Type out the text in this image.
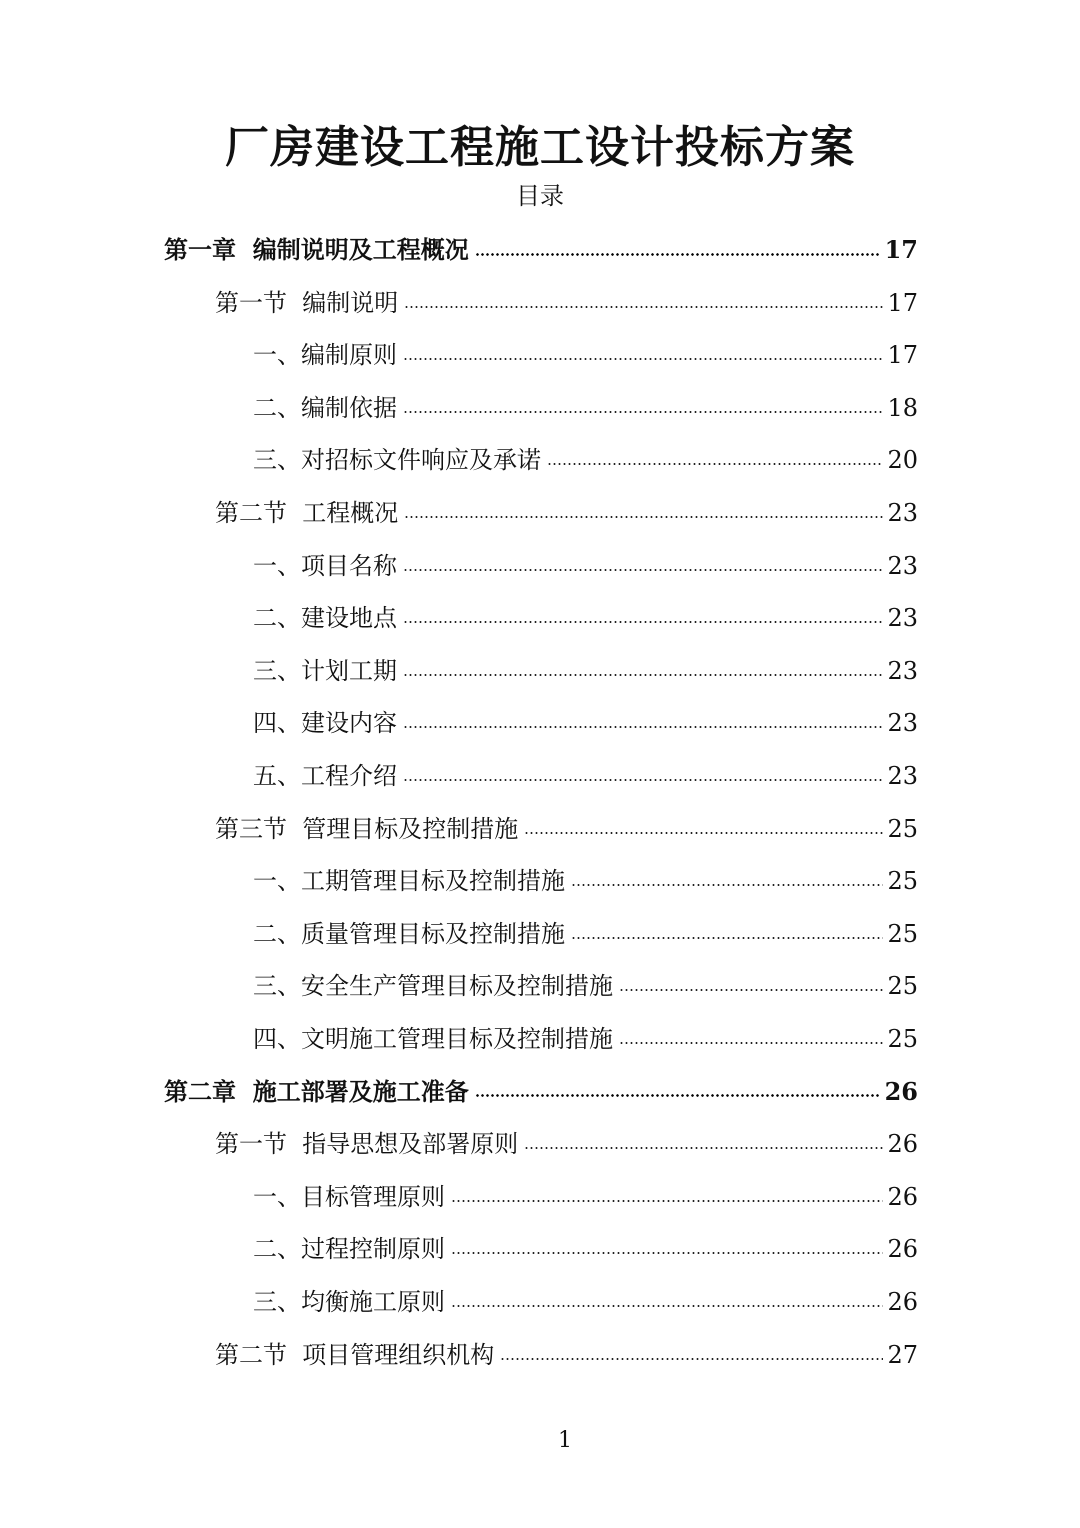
厂房建设工程施工设计投标方案
目录
第一章  编制说明及工程概况	17
第一节  编制说明	17
一、编制原则	17
二、编制依据	18
三、对招标文件响应及承诺	20
第二节  工程概况	23
一、项目名称	23
二、建设地点	23
三、计划工期	23
四、建设内容	23
五、工程介绍	23
第三节  管理目标及控制措施	25
一、工期管理目标及控制措施	25
二、质量管理目标及控制措施	25
三、安全生产管理目标及控制措施	25
四、文明施工管理目标及控制措施	25
第二章  施工部署及施工准备	26
第一节  指导思想及部署原则	26
一、目标管理原则	26
二、过程控制原则	26
三、均衡施工原则	26
第二节  项目管理组织机构	27
1
